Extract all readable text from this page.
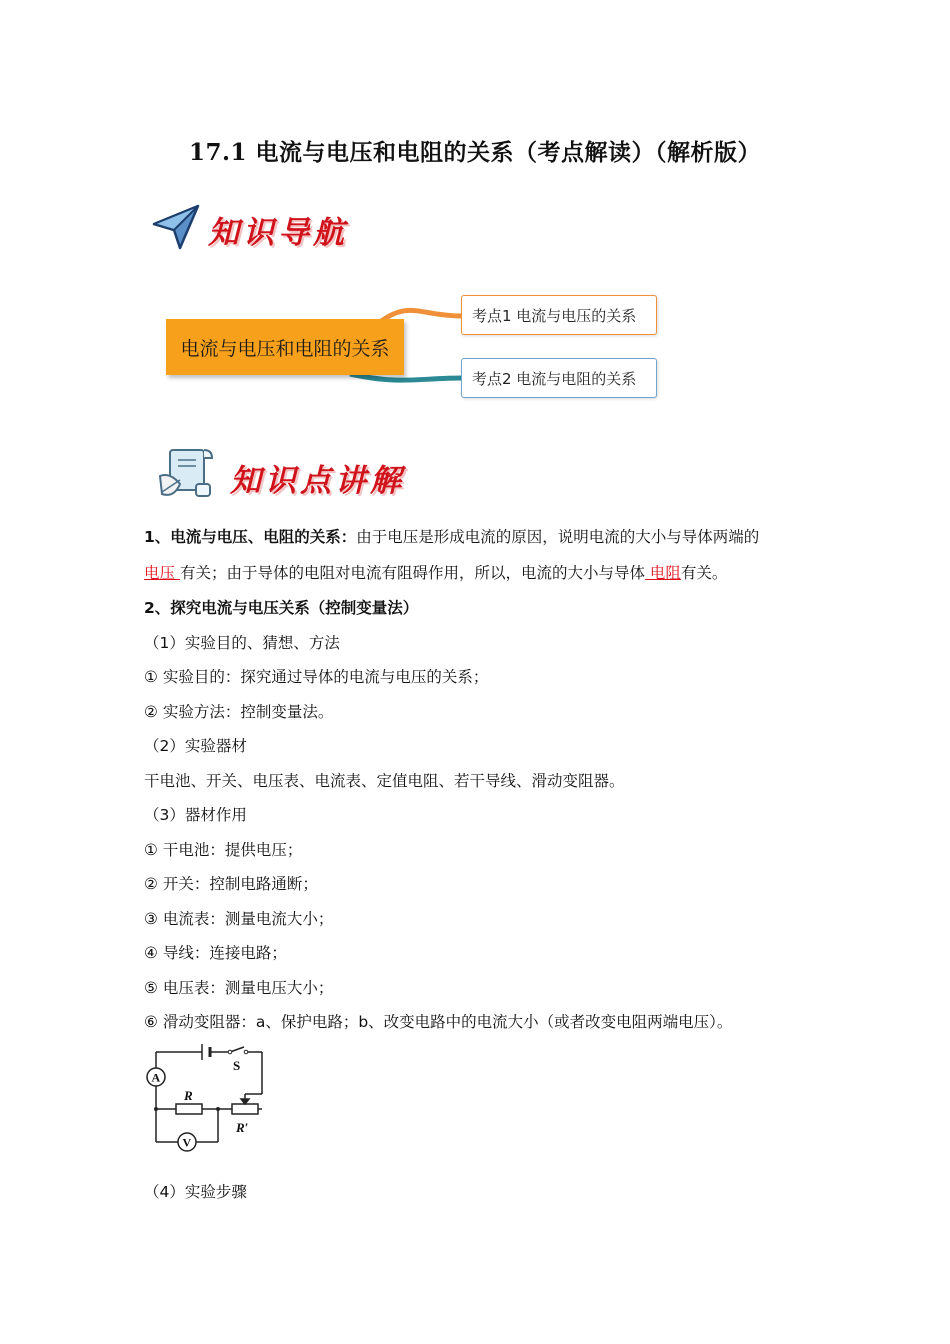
17.1 电流与电压和电阻的关系（考点解读）（解析版）
知识导航
电流与电压和电阻的关系
考点1 电流与电压的关系
考点2 电流与电阻的关系
知识点讲解
1、电流与电压、电阻的关系：由于电压是形成电流的原因，说明电流的大小与导体两端的
电压 有关；由于导体的电阻对电流有阻碍作用，所以，电流的大小与导体 电阻有关。
2、探究电流与电压关系（控制变量法）
（1）实验目的、猜想、方法
① 实验目的：探究通过导体的电流与电压的关系；
② 实验方法：控制变量法。
（2）实验器材
干电池、开关、电压表、电流表、定值电阻、若干导线、滑动变阻器。
（3）器材作用
① 干电池：提供电压；
② 开关：控制电路通断；
③ 电流表：测量电流大小；
④ 导线：连接电路；
⑤ 电压表：测量电压大小；
⑥ 滑动变阻器：a、保护电路；b、改变电路中的电流大小（或者改变电阻两端电压）。
A
V
S
R
R′
（4）实验步骤
